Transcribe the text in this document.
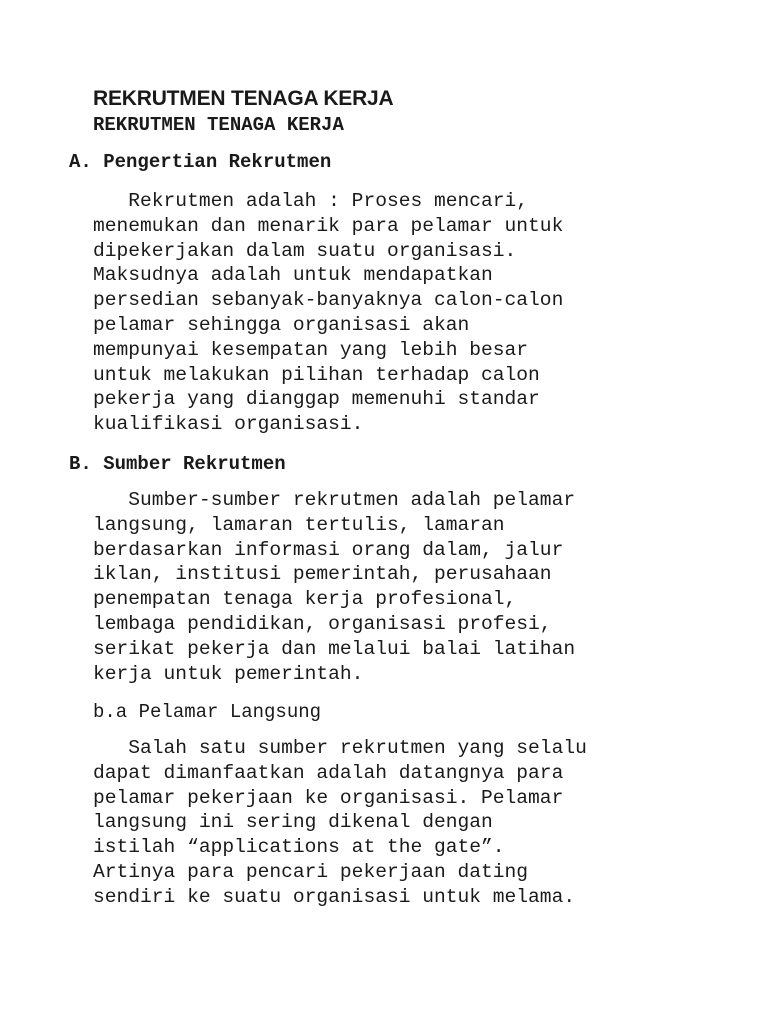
REKRUTMEN TENAGA KERJA
REKRUTMEN TENAGA KERJA
A. Pengertian Rekrutmen
Rekrutmen adalah : Proses mencari,
menemukan dan menarik para pelamar untuk
dipekerjakan dalam suatu organisasi.
Maksudnya adalah untuk mendapatkan
persedian sebanyak-banyaknya calon-calon
pelamar sehingga organisasi akan
mempunyai kesempatan yang lebih besar
untuk melakukan pilihan terhadap calon
pekerja yang dianggap memenuhi standar
kualifikasi organisasi.
B. Sumber Rekrutmen
Sumber-sumber rekrutmen adalah pelamar
langsung, lamaran tertulis, lamaran
berdasarkan informasi orang dalam, jalur
iklan, institusi pemerintah, perusahaan
penempatan tenaga kerja profesional,
lembaga pendidikan, organisasi profesi,
serikat pekerja dan melalui balai latihan
kerja untuk pemerintah.
b.a Pelamar Langsung
Salah satu sumber rekrutmen yang selalu
dapat dimanfaatkan adalah datangnya para
pelamar pekerjaan ke organisasi. Pelamar
langsung ini sering dikenal dengan
istilah “applications at the gate”.
Artinya para pencari pekerjaan dating
sendiri ke suatu organisasi untuk melama.
